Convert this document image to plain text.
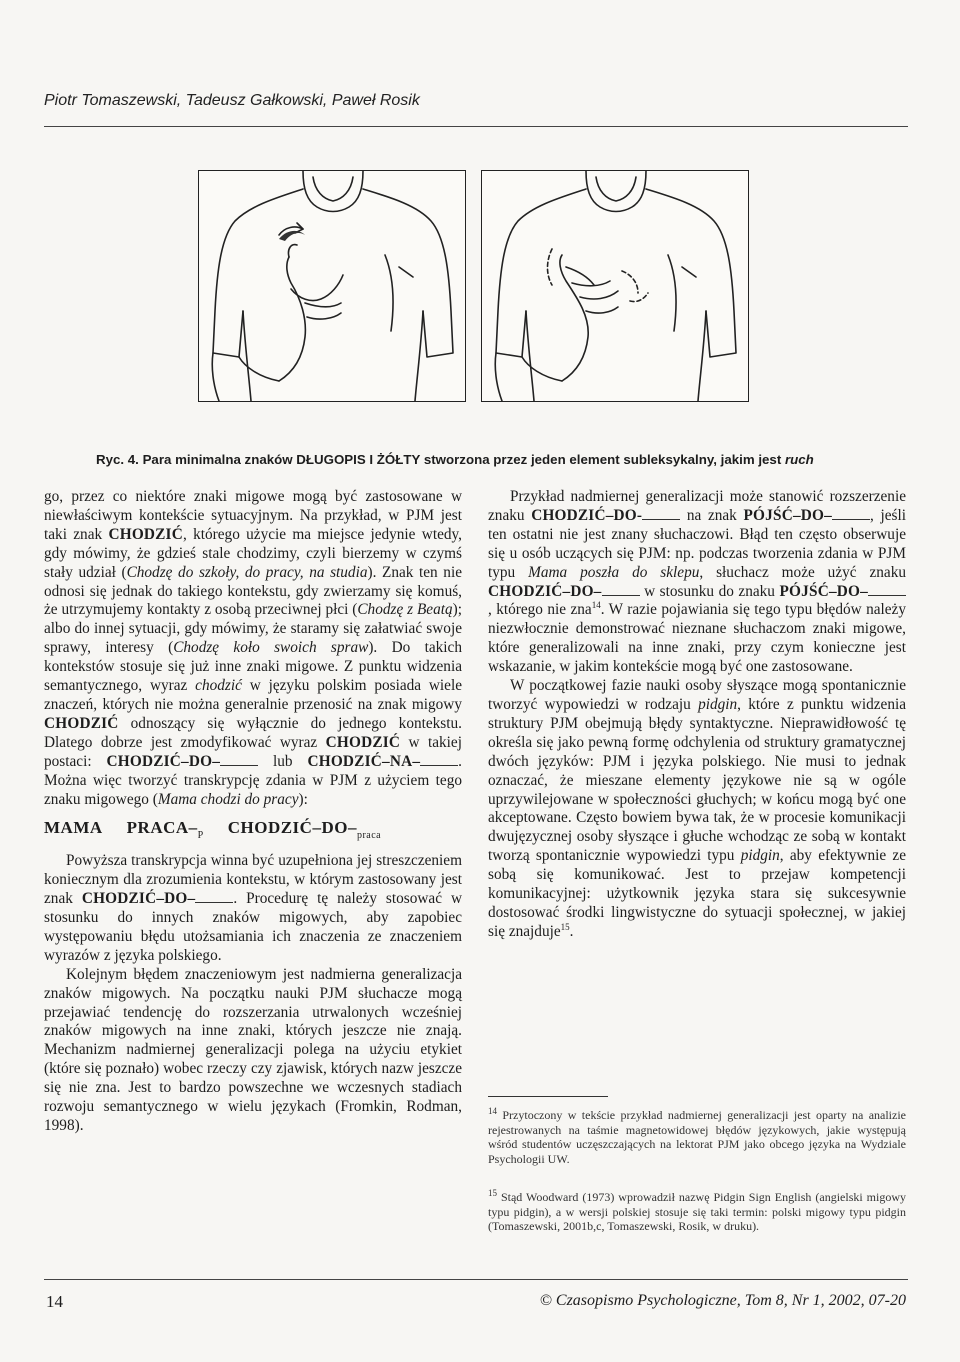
Piotr Tomaszewski, Tadeusz Gałkowski, Paweł Rosik
Ryc. 4. Para minimalna znaków DŁUGOPIS I ŻÓŁTY stworzona przez jeden element subleksykalny, jakim jest ruch

go, przez co niektóre znaki migowe mogą być zastosowane w niewłaściwym kontekście sytuacyjnym. Na przykład, w PJM jest taki znak CHODZIĆ, którego użycie ma miejsce jedynie wtedy, gdy mówimy, że gdzieś stale chodzimy, czyli bierzemy w czymś stały udział (Chodzę do szkoły, do pracy, na studia). Znak ten nie odnosi się jednak do takiego kontekstu, gdy zwierzamy się komuś, że utrzymujemy kontakty z osobą przeciwnej płci (Chodzę z Beatą); albo do innej sytuacji, gdy mówimy, że staramy się załatwiać swoje sprawy, interesy (Chodzę koło swoich spraw). Do takich kontekstów stosuje się już inne znaki migowe. Z punktu widzenia semantycznego, wyraz chodzić w języku polskim posiada wiele znaczeń, których nie można generalnie przenosić na znak migowy CHODZIĆ odnoszący się wyłącznie do jednego kontekstu. Dlatego dobrze jest zmodyfikować wyraz CHODZIĆ w takiej postaci: CHODZIĆ–DO– lub CHODZIĆ–NA– . Można więc tworzyć transkrypcję zdania w PJM z użyciem tego znaku migowego (Mama chodzi do pracy):

MAMA PRACA–$_P$ CHODZIĆ–$DO-_{praca}$

Powyższa transkrypcja winna być uzupełniona jej streszczeniem koniecznym dla zrozumienia kontekstu, w którym zastosowany jest znak CHODZIĆ–DO– . Procedurę tę należy stosować w stosunku do innych znaków migowych, aby zapobiec występowaniu błędu utożsamiania ich znaczenia ze znaczeniem wyrazów z języka polskiego.

Kolejnym błędem znaczeniowym jest nadmierna generalizacja znaków migowych. Na początku nauki PJM słuchacze mogą przejawiać tendencję do rozszerzania utrwalonych wcześniej znaków migowych na inne znaki, których jeszcze nie znają. Mechanizm nadmiernej generalizacji polega na użyciu etykiet (które się poznało) wobec rzeczy czy zjawisk, których nazw jeszcze się nie zna. Jest to bardzo powszechne we wczesnych stadiach rozwoju semantycznego w wielu językach (Fromkin, Rodman, 1998).

Przykład nadmiernej generalizacji może stanowić rozszerzenie znaku CHODZIĆ–DO- na znak PÓJŚĆ–DO– , jeśli ten ostatni nie jest znany słuchaczowi. Błąd ten często obserwuje się u osób uczących się PJM: np. podczas tworzenia zdania w PJM typu Mama poszła do sklepu, słuchacz może użyć znaku CHODZIĆ–DO– w stosunku do znaku PÓJŚĆ–DO–, którego nie zna$^{14}$. W razie pojawiania się tego typu błędów należy niezwłocznie demonstrować nieznane słuchaczom znaki migowe, które generalizowali na inne znaki, przy czym konieczne jest wskazanie, w jakim kontekście mogą być one zastosowane.

W początkowej fazie nauki osoby słyszące mogą spontanicznie tworzyć wypowiedzi w rodzaju pidgin, które z punktu widzenia struktury PJM obejmują błędy syntaktyczne. Nieprawidłowość tę określa się jako pewną formę odchylenia od struktury gramatycznej dwóch języków: PJM i języka polskiego. Nie musi to jednak oznaczać, że mieszane elementy językowe nie są w ogóle uprzywilejowane w społeczności głuchych; w końcu mogą być one akceptowane. Często bowiem bywa tak, że w procesie komunikacji dwujęzycznej osoby słyszące i głuche wchodząc ze sobą w kontakt tworzą spontanicznie wypowiedzi typu pidgin, aby efektywnie ze sobą się komunikować. Jest to przejaw kompetencji komunikacyjnej: użytkownik języka stara się sukcesywnie dostosować środki lingwistyczne do sytuacji społecznej, w jakiej się znajduje$^{15}$.

$^{14}$ Przytoczony w tekście przykład nadmiernej generalizacji jest oparty na analizie rejestrowanych na taśmie magnetowidowej błędów językowych, jakie występują wśród studentów uczęszczających na lektorat PJM jako obcego języka na Wydziale Psychologii UW.
$^{15}$ Stąd Woodward (1973) wprowadził nazwę Pidgin Sign English (angielski migowy typu pidgin), a w wersji polskiej stosuje się taki termin: polski migowy typu pidgin (Tomaszewski, 2001b,c, Tomaszewski, Rosik, w druku).
14	© Czasopismo Psychologiczne, Tom 8, Nr 1, 2002, 07-20
